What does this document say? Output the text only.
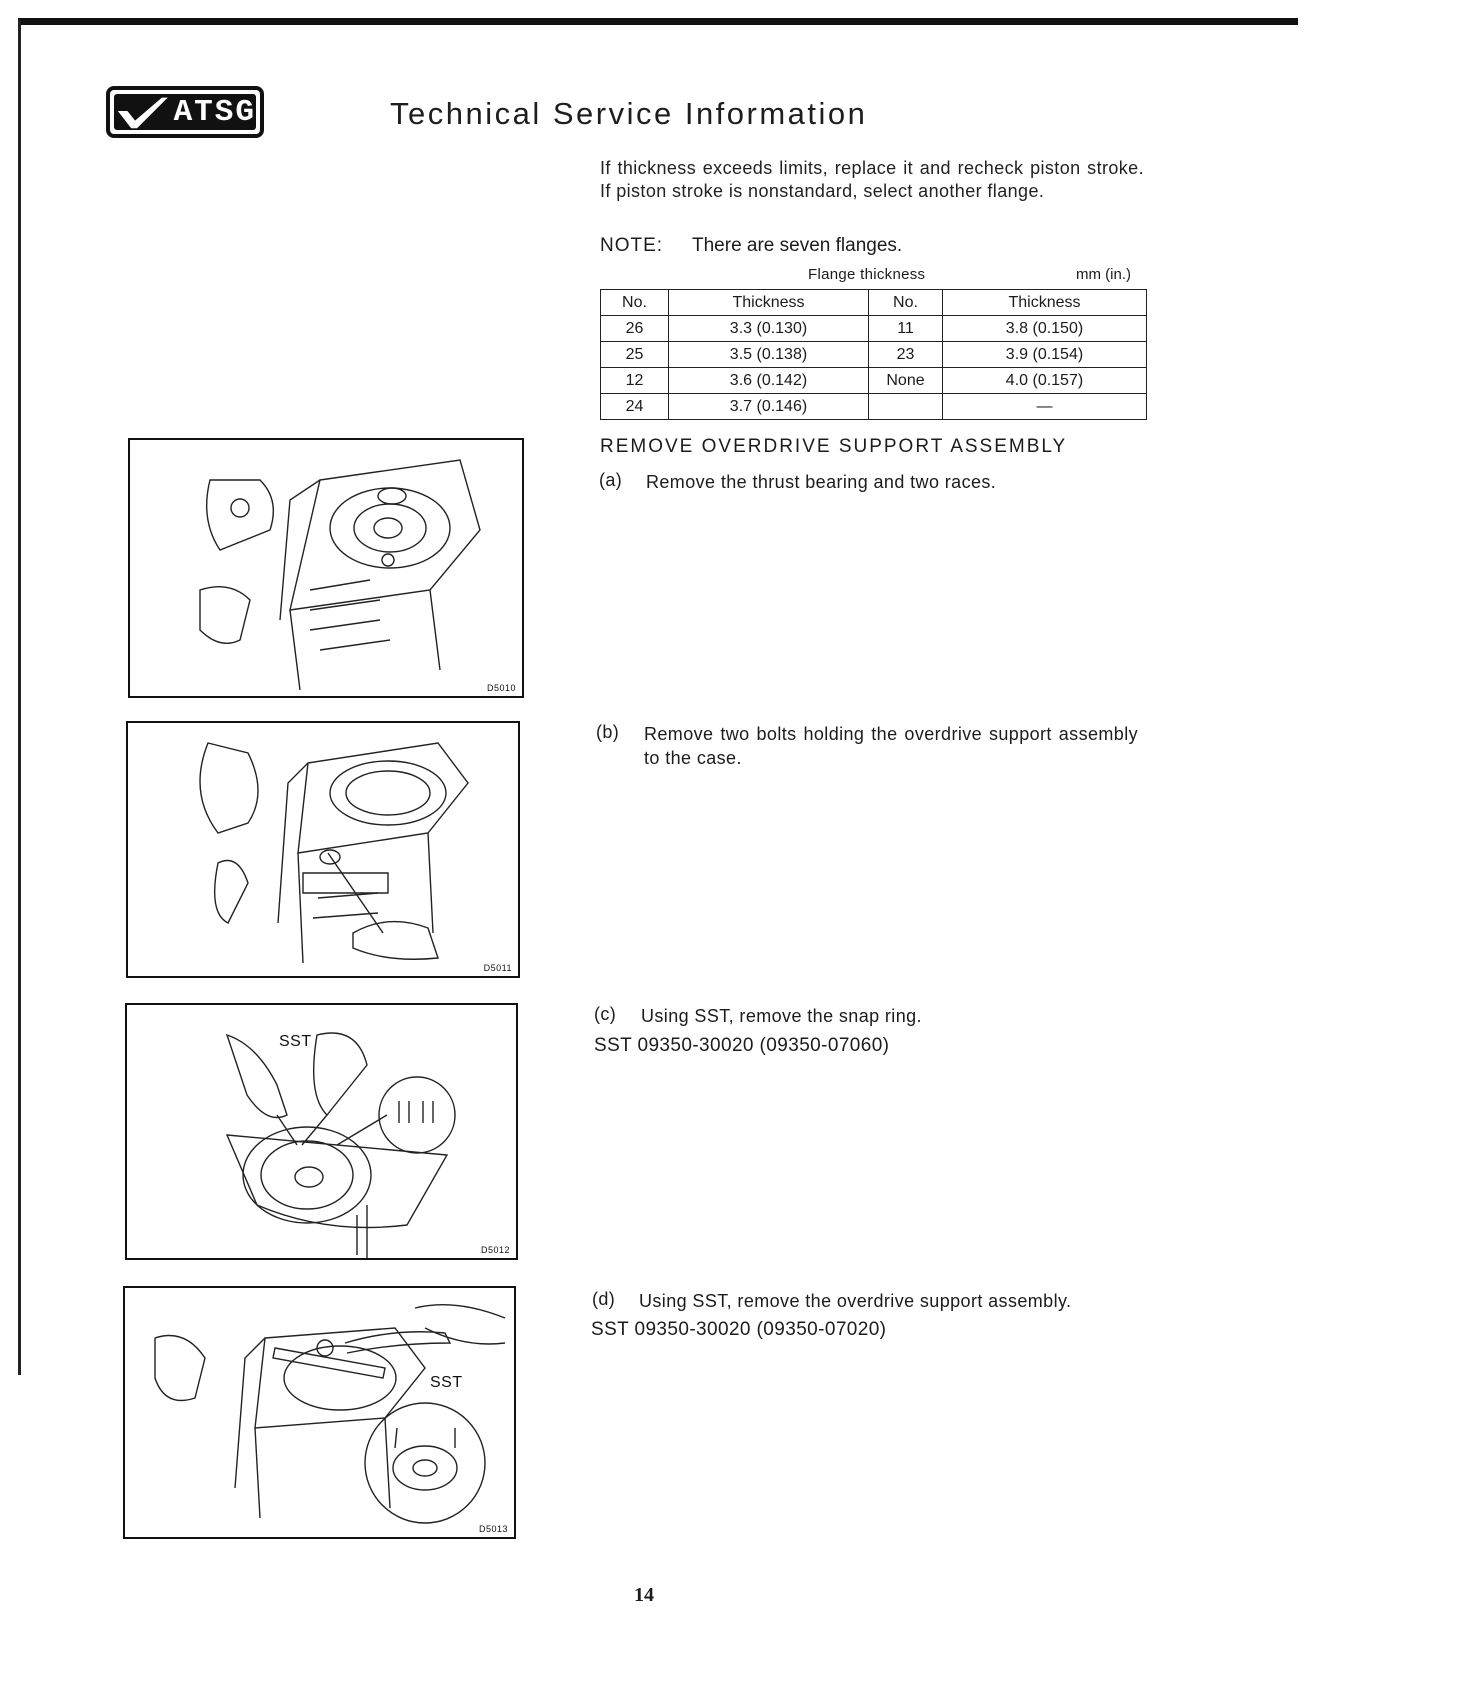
ATSG	Technical Service Information
If thickness exceeds limits, replace it and recheck piston stroke. If piston stroke is nonstandard, select another flange.
NOTE: There are seven flanges.
Flange thickness	mm (in.)
No.	Thickness	No.	Thickness
26	3.3 (0.130)	11	3.8 (0.150)
25	3.5 (0.138)	23	3.9 (0.154)
12	3.6 (0.142)	None	4.0 (0.157)
24	3.7 (0.146)		—
REMOVE OVERDRIVE SUPPORT ASSEMBLY
(a) Remove the thrust bearing and two races.
(b) Remove two bolts holding the overdrive support assembly to the case.
(c) Using SST, remove the snap ring.
SST 09350-30020 (09350-07060)
(d) Using SST, remove the overdrive support assembly.
SST 09350-30020 (09350-07020)
D5010
D5011
SST
D5012
SST
D5013
14
